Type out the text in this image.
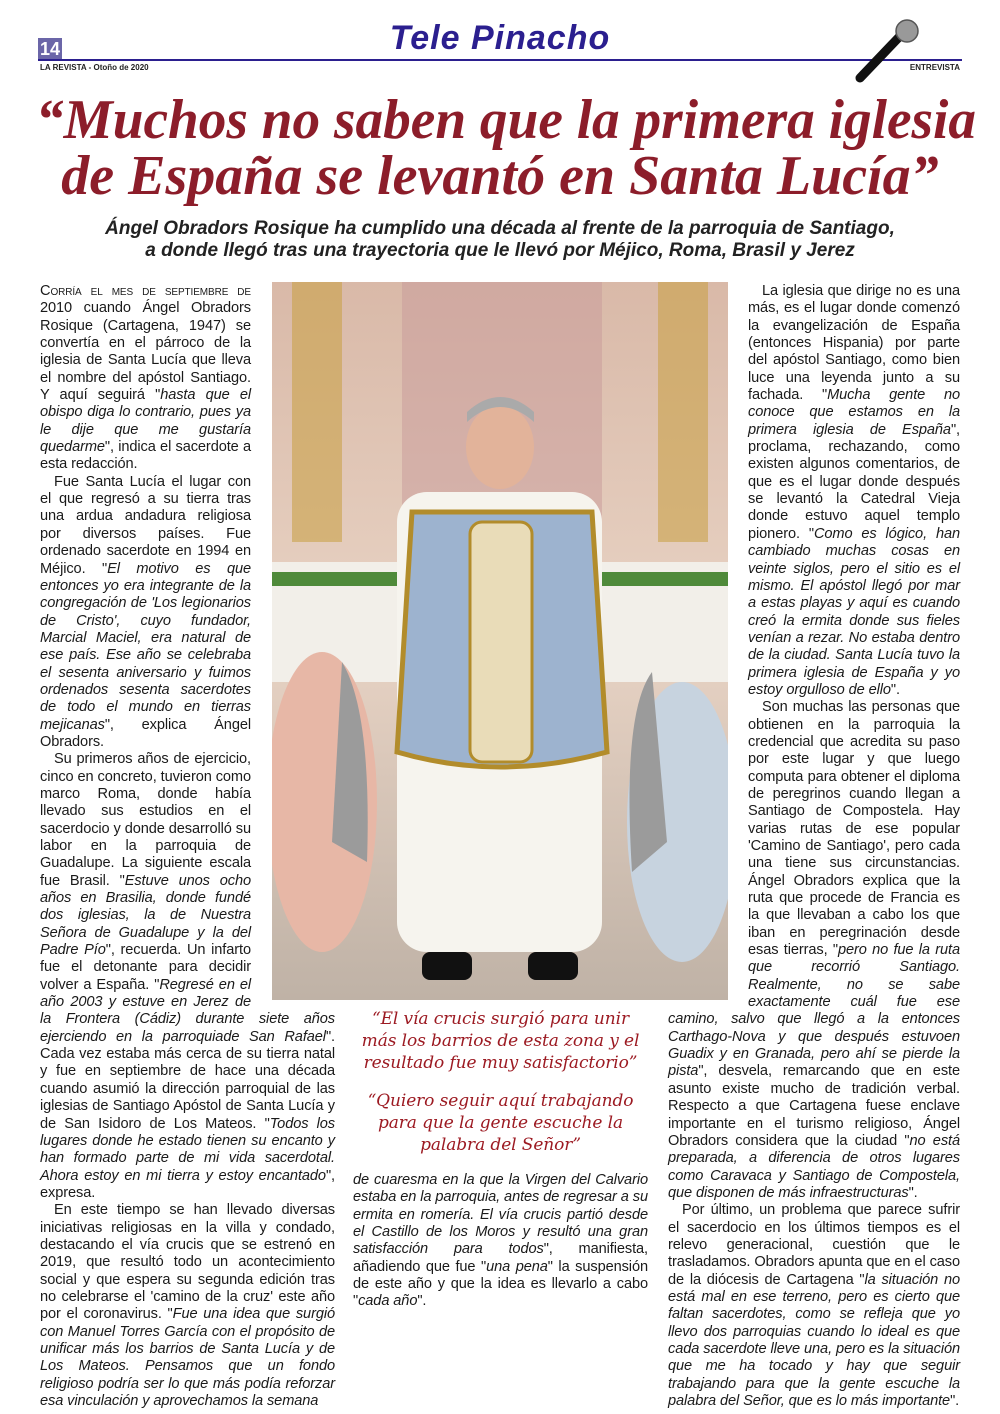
14	Tele Pinacho
LA REVISTA - Otoño de 2020	ENTREVISTA
“Muchos no saben que la primera iglesia
de España se levantó en Santa Lucía”
Ángel Obradors Rosique ha cumplido una década al frente de la parroquia de Santiago,
a donde llegó tras una trayectoria que le llevó por Méjico, Roma, Brasil y Jerez

Corría el mes de septiembre de 2010 cuando Ángel Obradors Rosique (Cartagena, 1947) se convertía en el párroco de la iglesia de Santa Lucía que lleva el nombre del apóstol Santiago. Y aquí seguirá "hasta que el obispo diga lo contrario, pues ya le dije que me gustaría quedarme", indica el sacerdote a esta redacción.

Fue Santa Lucía el lugar con el que regresó a su tierra tras una ardua andadura religiosa por diversos países. Fue ordenado sacerdote en 1994 en Méjico. "El motivo es que entonces yo era integrante de la congregación de 'Los legionarios de Cristo', cuyo fundador, Marcial Maciel, era natural de ese país. Ese año se celebraba el sesenta aniversario y fuimos ordenados sesenta sacerdotes de todo el mundo en tierras mejicanas", explica Ángel Obradors.

Su primeros años de ejercicio, cinco en concreto, tuvieron como marco Roma, donde había llevado sus estudios en el sacerdocio y donde desarrolló su labor en la parroquia de Guadalupe. La siguiente escala fue Brasil. "Estuve unos ocho años en Brasilia, donde fundé dos iglesias, la de Nuestra Señora de Guadalupe y la del Padre Pío", recuerda. Un infarto fue el detonante para decidir volver a España. "Regresé en el año 2003 y estuve en Jerez de la Frontera (Cádiz) durante siete años ejerciendo en la parroquiade San Rafael". Cada vez estaba más cerca de su tierra natal y fue en septiembre de hace una década cuando asumió la dirección parroquial de las iglesias de Santiago Apóstol de Santa Lucía y de San Isidoro de Los Mateos. "Todos los lugares donde he estado tienen su encanto y han formado parte de mi vida sacerdotal. Ahora estoy en mi tierra y estoy encantado", expresa.

En este tiempo se han llevado diversas iniciativas religiosas en la villa y condado, destacando el vía crucis que se estrenó en 2019, que resultó todo un acontecimiento social y que espera su segunda edición tras no celebrarse el 'camino de la cruz' este año por el coronavirus. "Fue una idea que surgió con Manuel Torres García con el propósito de unificar más los barrios de Santa Lucía y de Los Mateos. Pensamos que un fondo religioso podría ser lo que más podía reforzar esa vinculación y aprovechamos la semana

La iglesia que dirige no es una más, es el lugar donde comenzó la evangelización de España (entonces Hispania) por parte del apóstol Santiago, como bien luce una leyenda junto a su fachada. "Mucha gente no conoce que estamos en la primera iglesia de España", proclama, rechazando, como existen algunos comentarios, de que es el lugar donde después se levantó la Catedral Vieja donde estuvo aquel templo pionero. "Como es lógico, han cambiado muchas cosas en veinte siglos, pero el sitio es el mismo. El apóstol llegó por mar a estas playas y aquí es cuando creó la ermita donde sus fieles venían a rezar. No estaba dentro de la ciudad. Santa Lucía tuvo la primera iglesia de España y yo estoy orgulloso de ello".

Son muchas las personas que obtienen en la parroquia la credencial que acredita su paso por este lugar y que luego computa para obtener el diploma de peregrinos cuando llegan a Santiago de Compostela. Hay varias rutas de ese popular 'Camino de Santiago', pero cada una tiene sus circunstancias. Ángel Obradors explica que la ruta que procede de Francia es la que llevaban a cabo los que iban en peregrinación desde esas tierras, "pero no fue la ruta que recorrió Santiago. Realmente, no se sabe exactamente cuál fue ese camino, salvo que llegó a la entonces Carthago-Nova y que después estuvoen Guadix y en Granada, pero ahí se pierde la pista", desvela, remarcando que en este asunto existe mucho de tradición verbal. Respecto a que Cartagena fuese enclave importante en el turismo religioso, Ángel Obradors considera que la ciudad "no está preparada, a diferencia de otros lugares como Caravaca y Santiago de Compostela, que disponen de más infraestructuras".

Por último, un problema que parece sufrir el sacerdocio en los últimos tiempos es el relevo generacional, cuestión que le trasladamos. Obradors apunta que en el caso de la diócesis de Cartagena "la situación no está mal en ese terreno, pero es cierto que faltan sacerdotes, como se refleja que yo llevo dos parroquias cuando lo ideal es que cada sacerdote lleve una, pero es la situación que me ha tocado y hay que seguir trabajando para que la gente escuche la palabra del Señor, que es lo más importante".

“El vía crucis surgió para unir más los barrios de esta zona y el resultado fue muy satisfactorio”
“Quiero seguir aquí trabajando para que la gente escuche la palabra del Señor”

de cuaresma en la que la Virgen del Calvario estaba en la parroquia, antes de regresar a su ermita en romería. El vía crucis partió desde el Castillo de los Moros y resultó una gran satisfacción para todos", manifiesta, añadiendo que fue "una pena" la suspensión de este año y que la idea es llevarlo a cabo "cada año".
